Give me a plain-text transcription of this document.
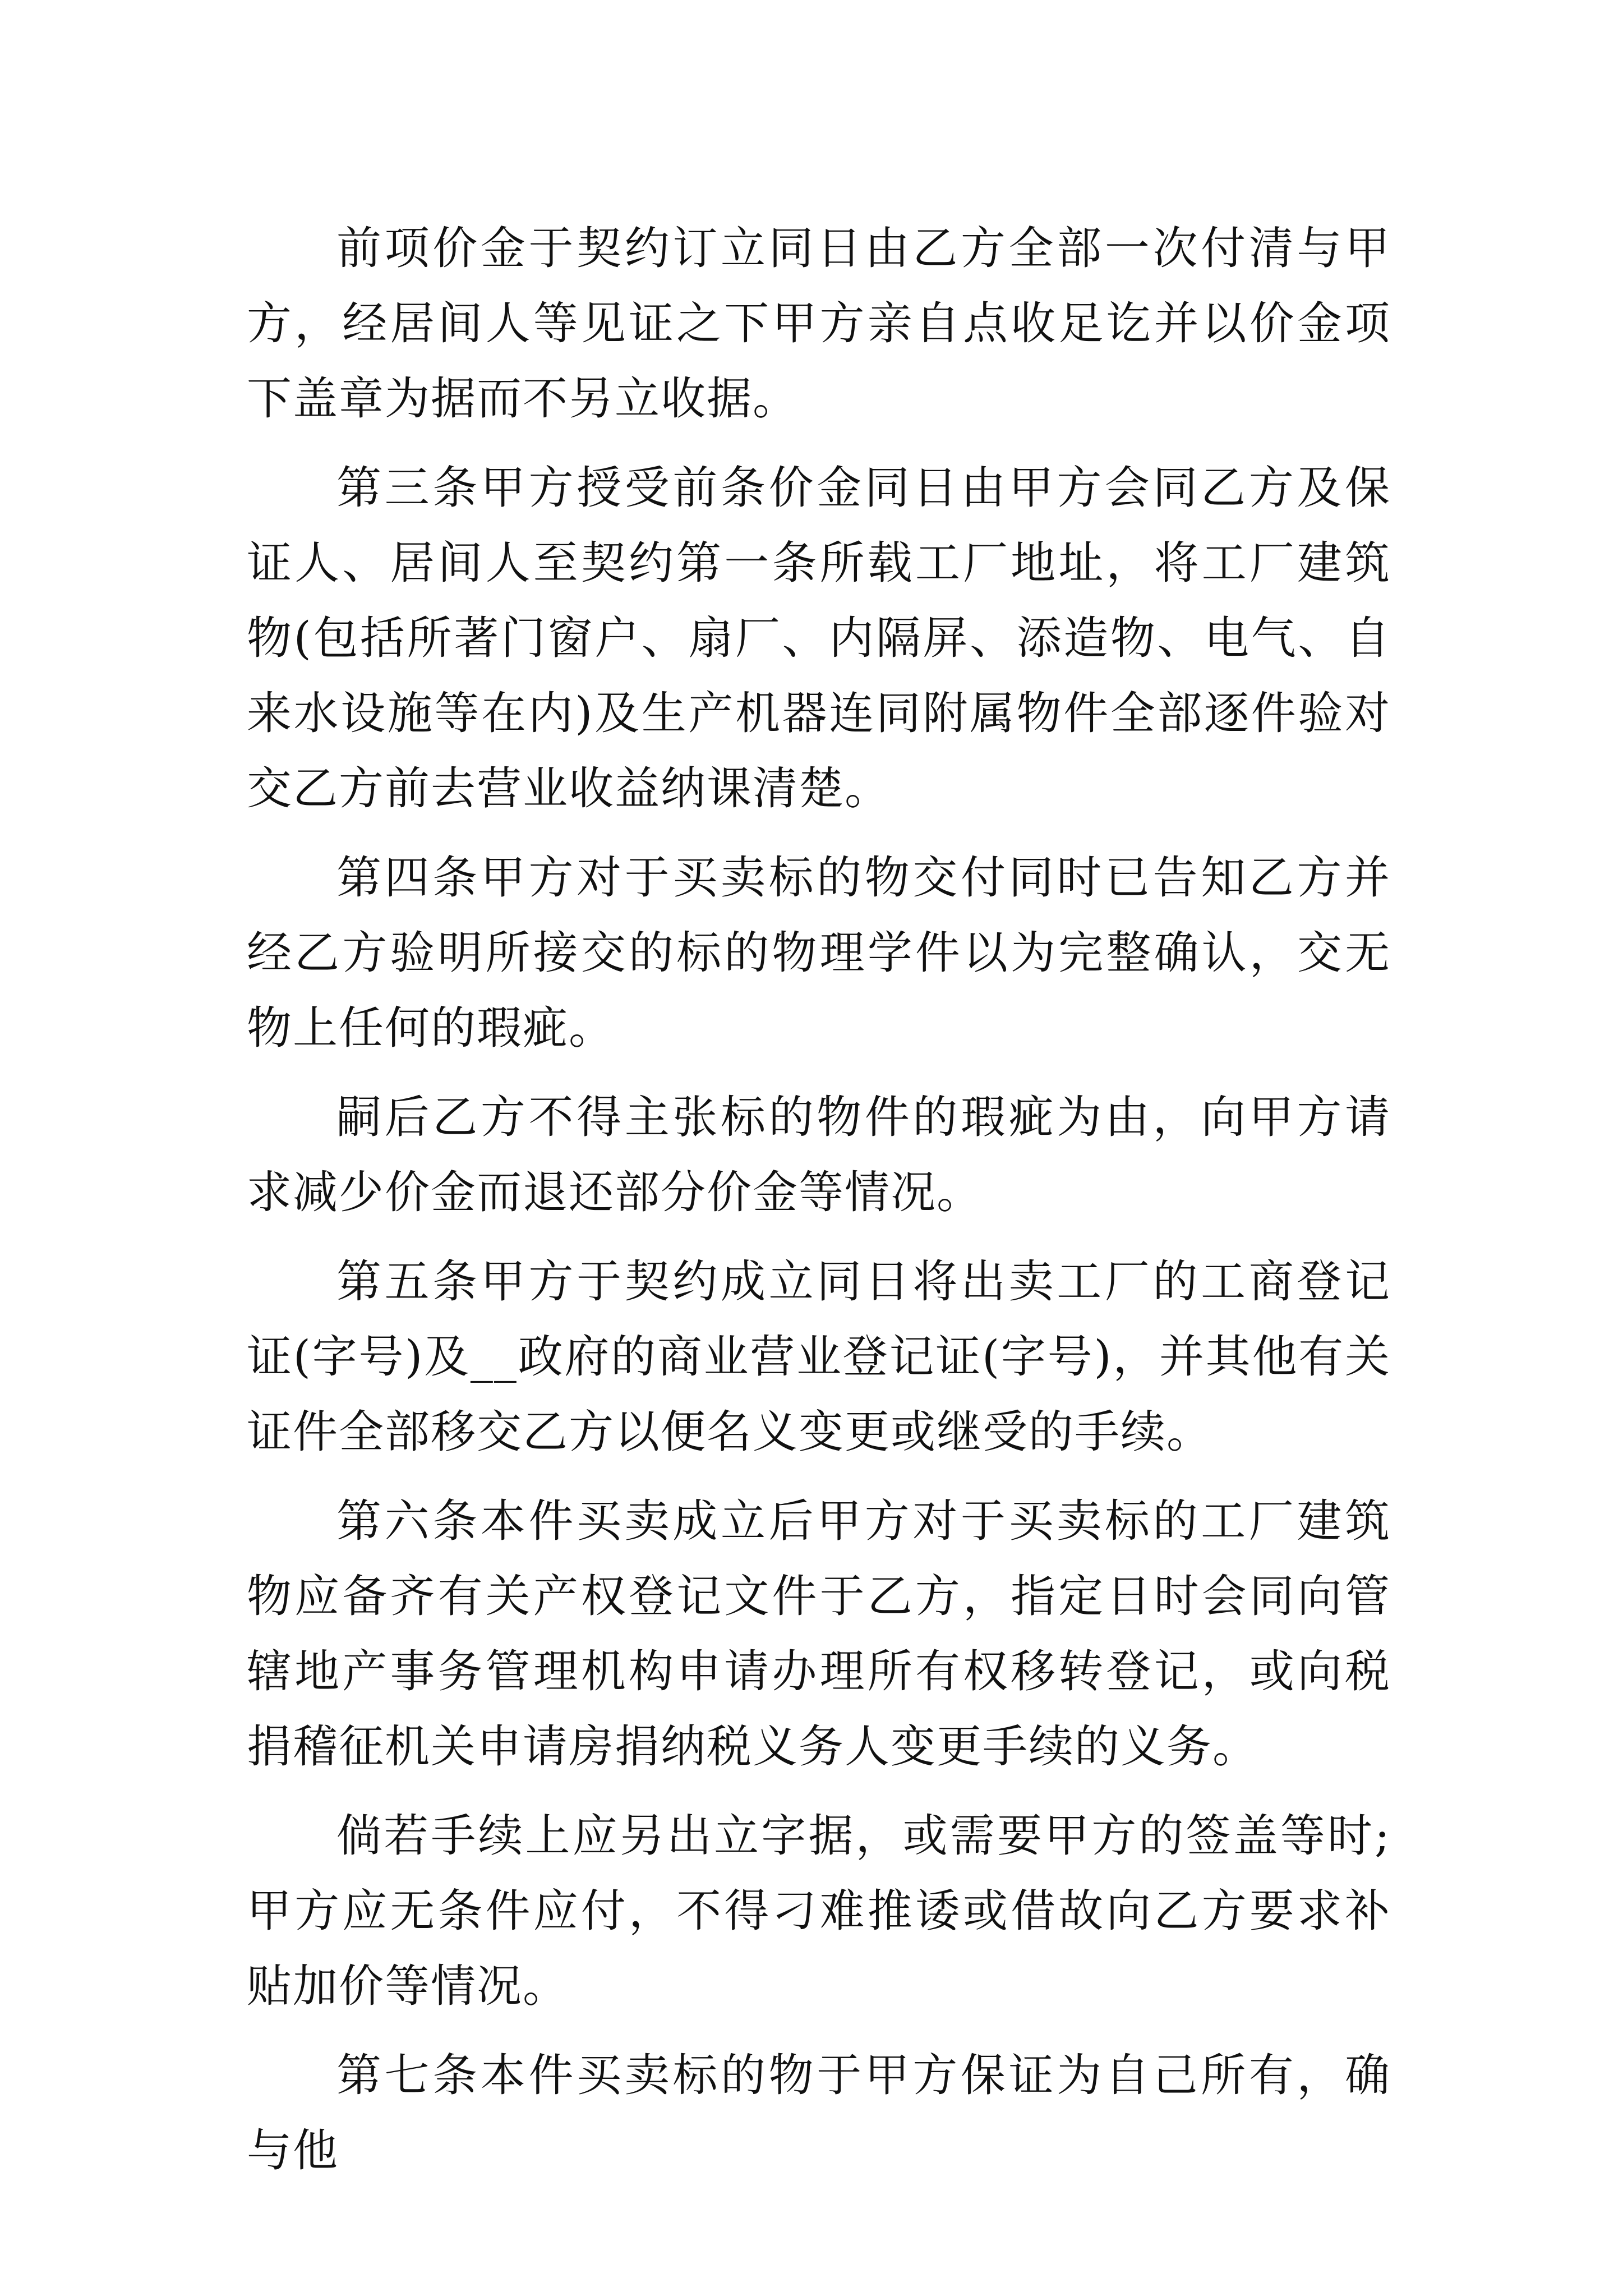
前项价金于契约订立同日由乙方全部一次付清与甲方，经居间人等见证之下甲方亲自点收足讫并以价金项下盖章为据而不另立收据。

第三条甲方授受前条价金同日由甲方会同乙方及保证人、居间人至契约第一条所载工厂地址，将工厂建筑物(包括所著门窗户、扇厂、内隔屏、添造物、电气、自来水设施等在内)及生产机器连同附属物件全部逐件验对交乙方前去营业收益纳课清楚。

第四条甲方对于买卖标的物交付同时已告知乙方并经乙方验明所接交的标的物理学件以为完整确认，交无物上任何的瑕疵。

嗣后乙方不得主张标的物件的瑕疵为由，向甲方请求减少价金而退还部分价金等情况。

第五条甲方于契约成立同日将出卖工厂的工商登记证(字号)及__政府的商业营业登记证(字号)，并其他有关证件全部移交乙方以便名义变更或继受的手续。

第六条本件买卖成立后甲方对于买卖标的工厂建筑物应备齐有关产权登记文件于乙方，指定日时会同向管辖地产事务管理机构申请办理所有权移转登记，或向税捐稽征机关申请房捐纳税义务人变更手续的义务。

倘若手续上应另出立字据，或需要甲方的签盖等时;甲方应无条件应付，不得刁难推诿或借故向乙方要求补贴加价等情况。

第七条本件买卖标的物于甲方保证为自己所有，确与他
